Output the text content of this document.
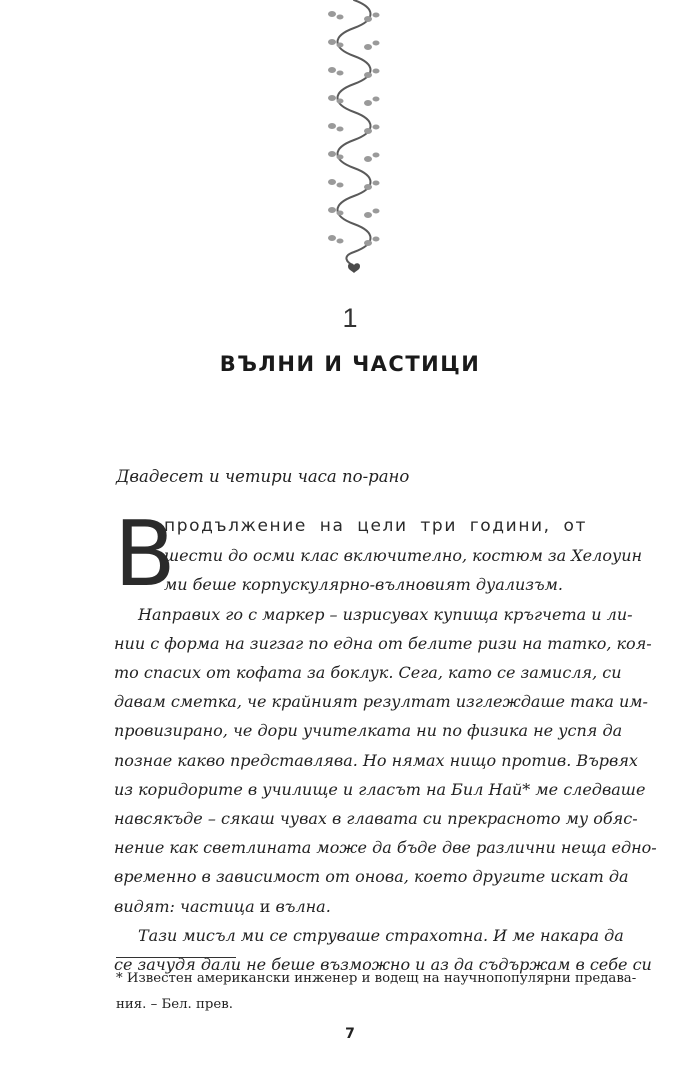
1
ВЪЛНИ И ЧАСТИЦИ
Двадесет и четири часа по-рано
В
продължение на цели три години, от
шести до осми клас включително, костюм за Хелоуин
ми беше корпускулярно-вълновият дуализъм.
Направих го с маркер – изрисувах купища кръгчета и ли-
нии с форма на зигзаг по една от белите ризи на татко, коя-
то спасих от кофата за боклук. Сега, като се замисля, си
давам сметка, че крайният резултат изглеждаше така им-
провизирано, че дори учителката ни по физика не успя да
познае какво представлява. Но нямах нищо против. Вървях
из коридорите в училище и гласът на Бил Най* ме следваше
навсякъде – сякаш чувах в главата си прекрасното му обяс-
нение как светлината може да бъде две различни неща едно-
временно в зависимост от онова, което другите искат да
видят: частица и вълна.
Тази мисъл ми се струваше страхотна. И ме накара да
се зачудя дали не беше възможно и аз да съдържам в себе си
* Известен американски инженер и водещ на научнопопулярни предава-
ния. – Бел. прев.
7
